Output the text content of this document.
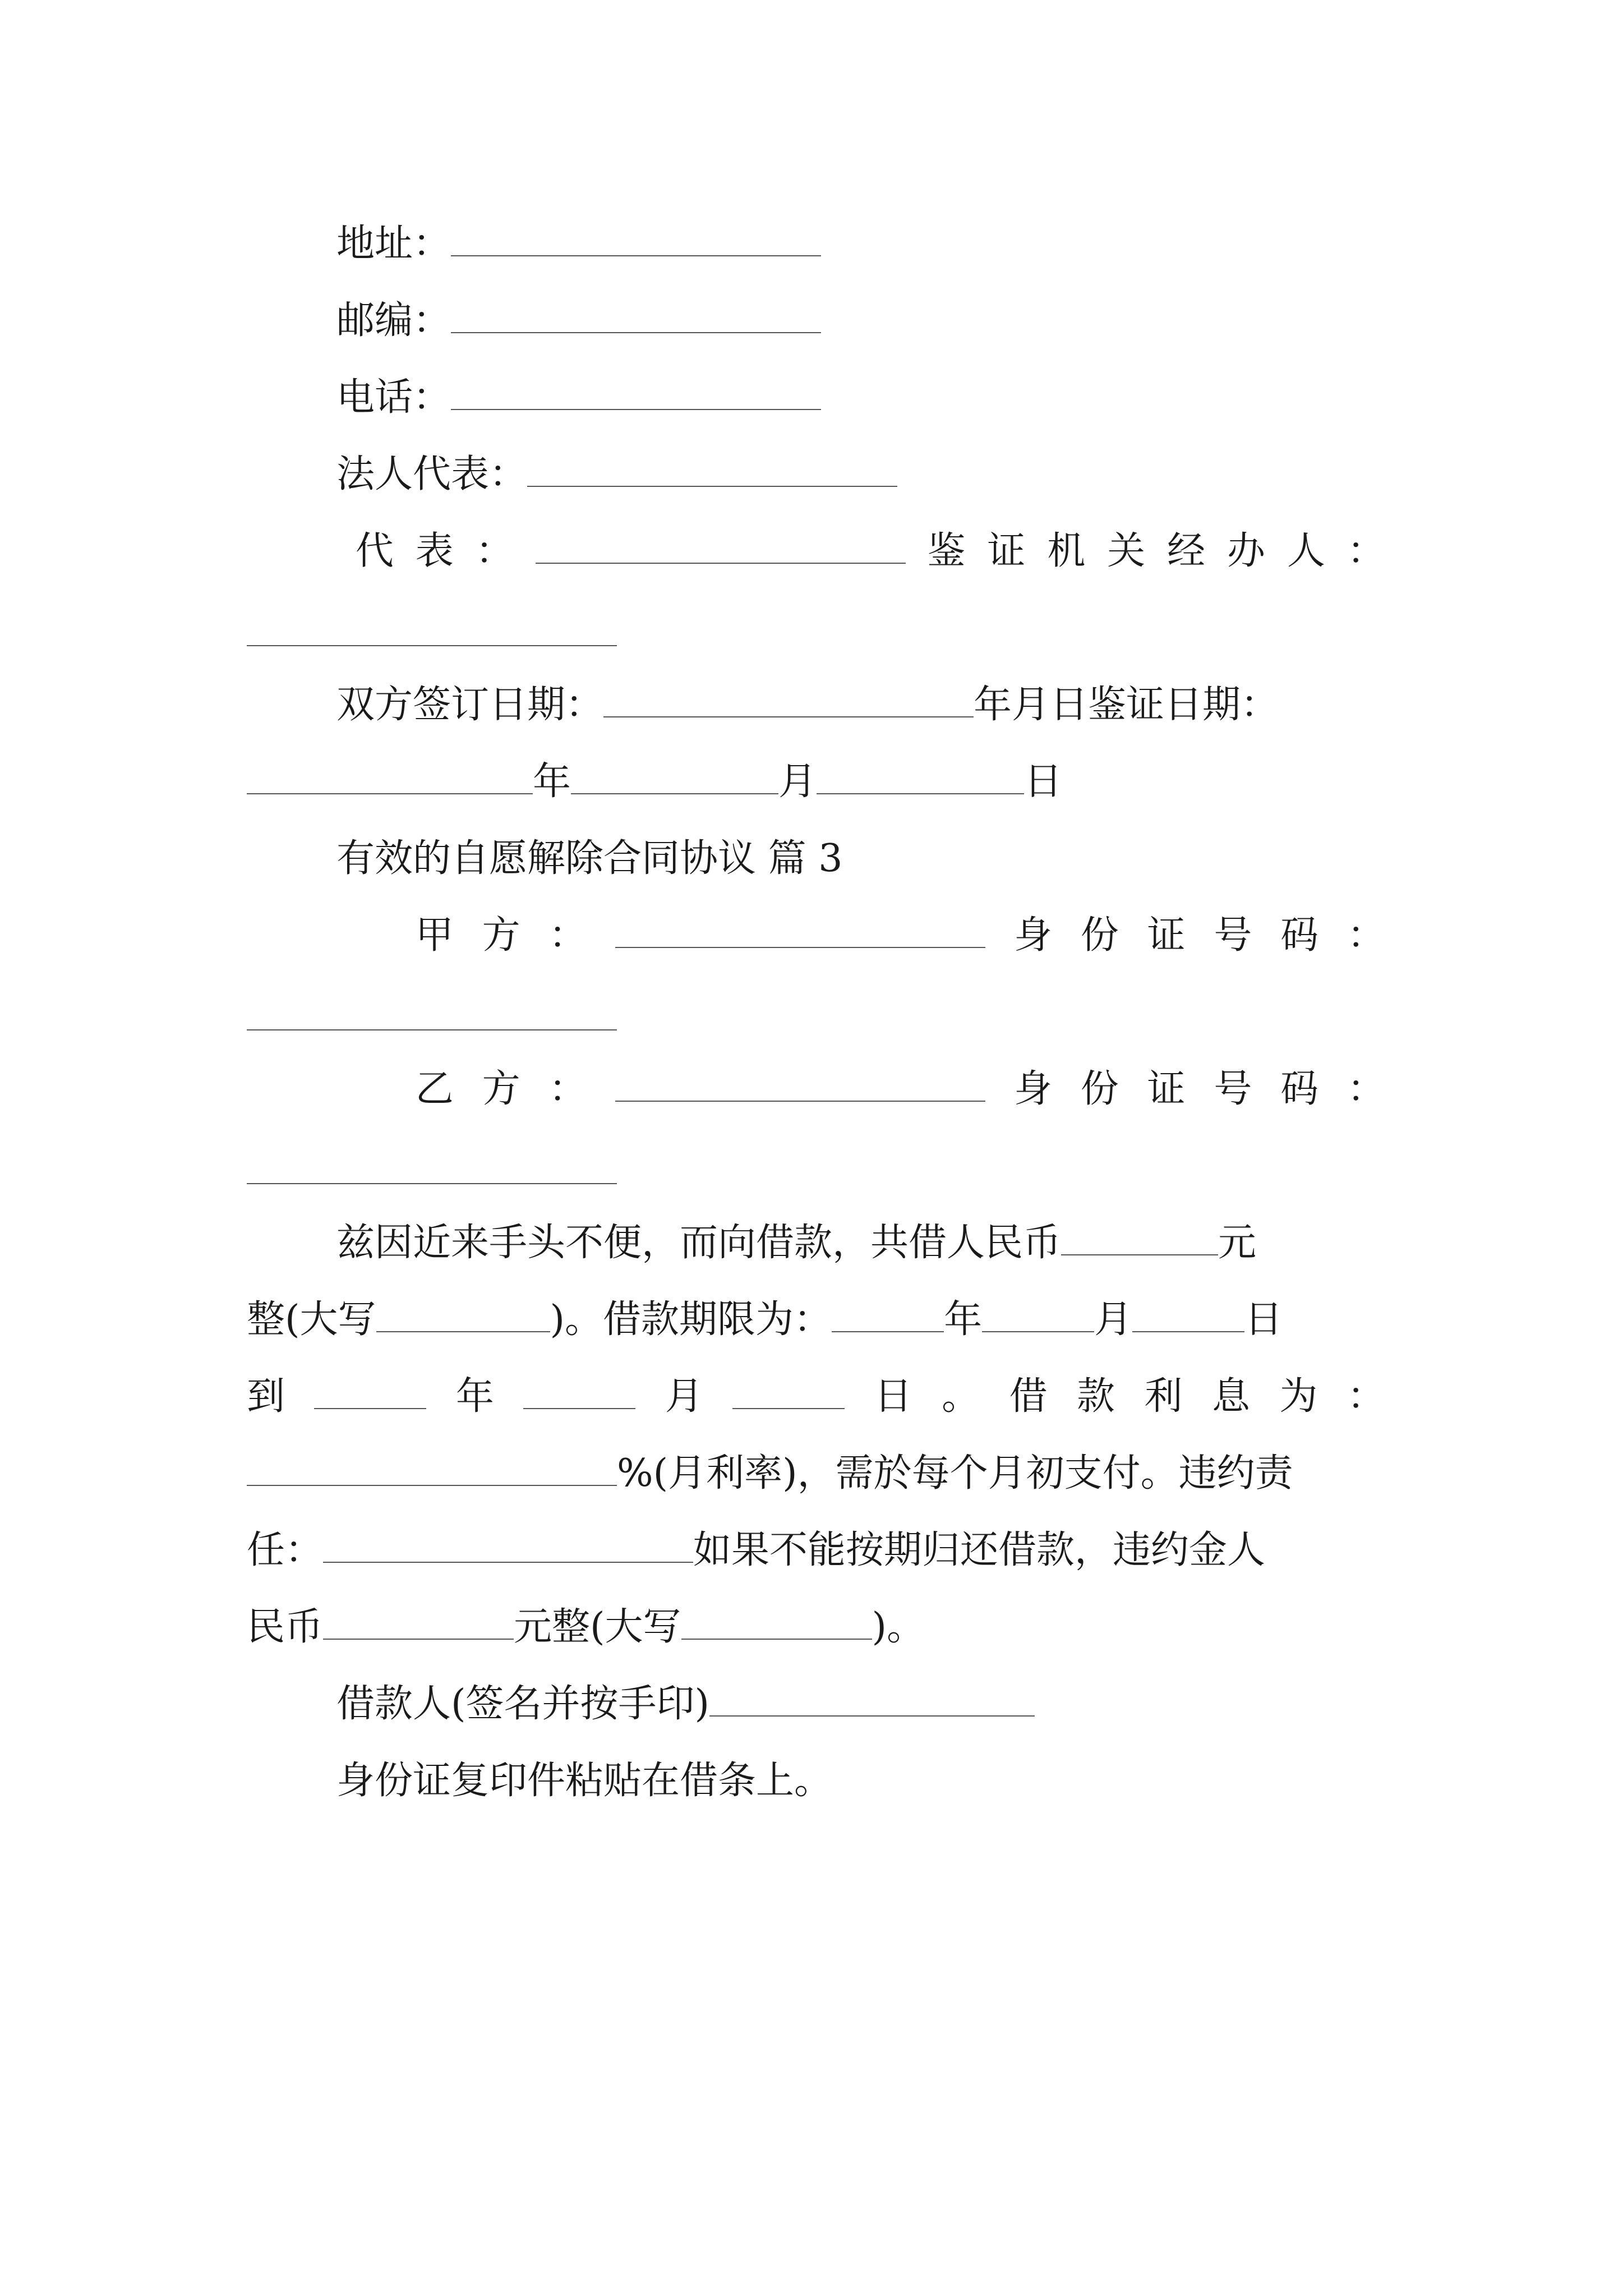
地址：
邮编：
电话：
法人代表：
代 表 ：	鉴 证 机 关 经 办 人 ：
双方签订日期：	年月日鉴证日期：
年	月	日
有效的自愿解除合同协议 篇 3
甲 方 ：	身 份 证 号 码 ：
乙 方 ：	身 份 证 号 码 ：
兹因近来手头不便，而向借款，共借人民币	元
整(大写	)。借款期限为：	年	月	日
到	年	月	日 。 借 款 利 息 为 ：
%(月利率)，需於每个月初支付。违约责
任：	如果不能按期归还借款，违约金人
民币	元整(大写	)。
借款人(签名并按手印)
身份证复印件粘贴在借条上。
